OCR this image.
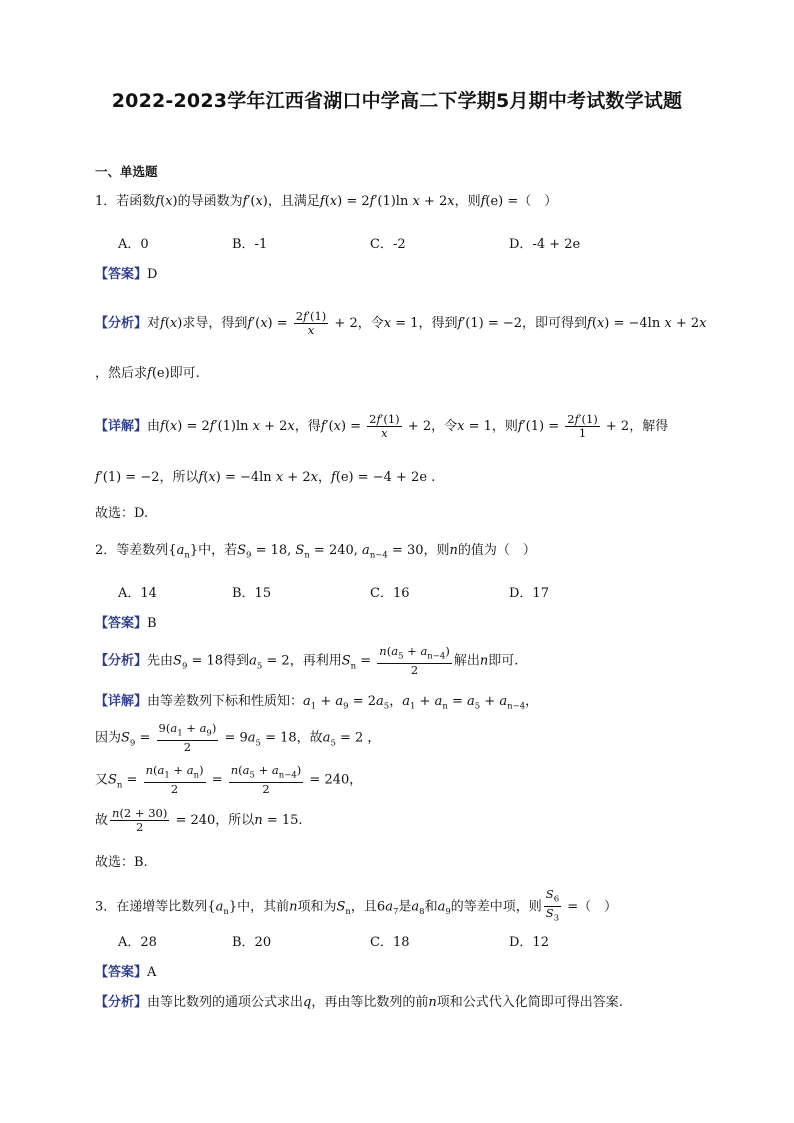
2022-2023学年江西省湖口中学高二下学期5月期中考试数学试题
一、单选题
1．若函数f(x)的导函数为f′(x)，且满足f(x) = 2f′(1)ln x + 2x，则f(e) =（　）
A．0	B．-1	C．-2	D．-4 + 2e
【答案】D
【分析】对f(x)求导，得到$f'(x) = \frac{2f'(1)}{x} + 2$，令x = 1，得到f′(1) = −2，即可得到f(x) = −4ln x + 2x
，然后求f(e)即可.
【详解】由f(x) = 2f′(1)ln x + 2x，得$f'(x) = \frac{2f'(1)}{x} + 2$，令x = 1，则$f'(1) = \frac{2f'(1)}{1} + 2$，解得
f′(1) = −2，所以f(x) = −4ln x + 2x，f(e) = −4 + 2e .
故选：D.
2．等差数列$\{a_n\}$中，若$S_9 = 18$, $S_n = 240$, $a_{n-4} = 30$，则n的值为（　）
A．14	B．15	C．16	D．17
【答案】B
【分析】先由$S_9 = 18$得到$a_5 = 2$，再利用$S_n = \frac{n(a_5 + a_{n-4})}{2}$ 解出n即可.
【详解】由等差数列下标和性质知：$a_1 + a_9 = 2a_5$，$a_1 + a_n = a_5 + a_{n-4}$，
因为$S_9 = \frac{9(a_1 + a_9)}{2} = 9a_5 = 18$，故$a_5 = 2$ ，
又$S_n = \frac{n(a_1 + a_n)}{2} = \frac{n(a_5 + a_{n-4})}{2} = 240$，
故 $\frac{n(2 + 30)}{2} = 240$，所以n = 15.
故选：B.
3．在递增等比数列$\{a_n\}$中，其前n项和为$S_n$，且$6a_7$是$a_8$和$a_9$的等差中项，则 $\frac{S_6}{S_3}$ =（　）
A．28	B．20	C．18	D．12
【答案】A
【分析】由等比数列的通项公式求出q，再由等比数列的前n项和公式代入化简即可得出答案.
